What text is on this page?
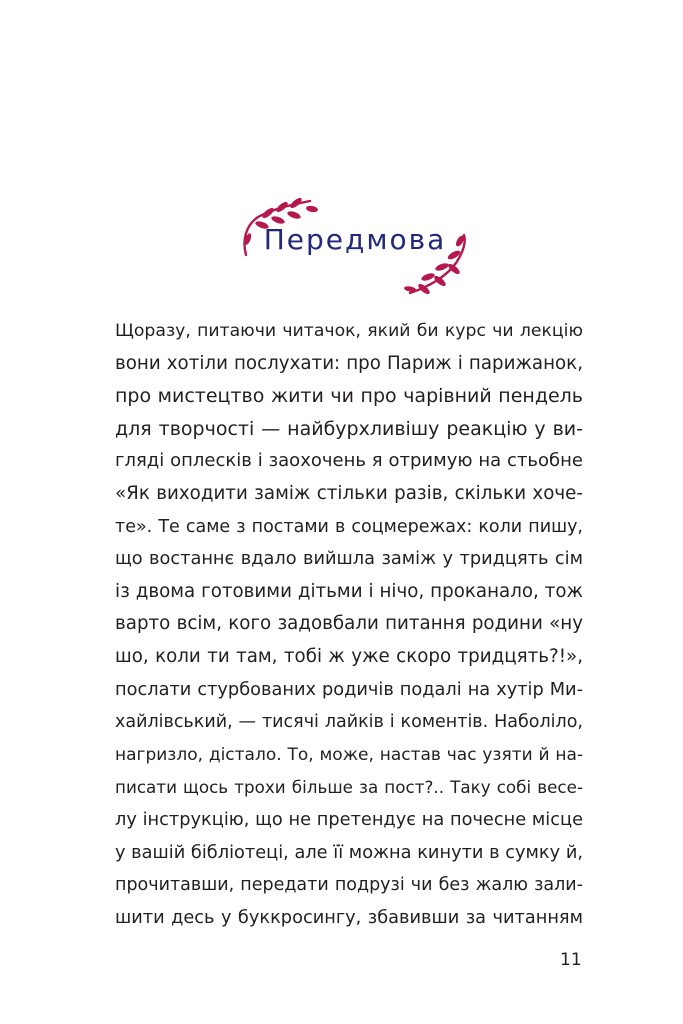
Передмова
Щоразу, питаючи читачок, який би курс чи лекцію
вони хотіли послухати: про Париж і парижанок,
про мистецтво жити чи про чарівний пендель
для творчості — найбурхливішу реакцію у ви-
гляді оплесків і заохочень я отримую на стьобне
«Як виходити заміж стільки разів, скільки хоче-
те». Те саме з постами в соцмережах: коли пишу,
що востаннє вдало вийшла заміж у тридцять сім
із двома готовими дітьми і нічо, проканало, тож
варто всім, кого задовбали питання родини «ну
шо, коли ти там, тобі ж уже скоро тридцять?!»,
послати стурбованих родичів подалі на хутір Ми-
хайлівський, — тисячі лайків і коментів. Наболіло,
нагризло, дістало. То, може, настав час узяти й на-
писати щось трохи більше за пост?.. Таку собі весе-
лу інструкцію, що не претендує на почесне місце
у вашій бібліотеці, але її можна кинути в сумку й,
прочитавши, передати подрузі чи без жалю зали-
шити десь у буккросингу, збавивши за читанням
11
